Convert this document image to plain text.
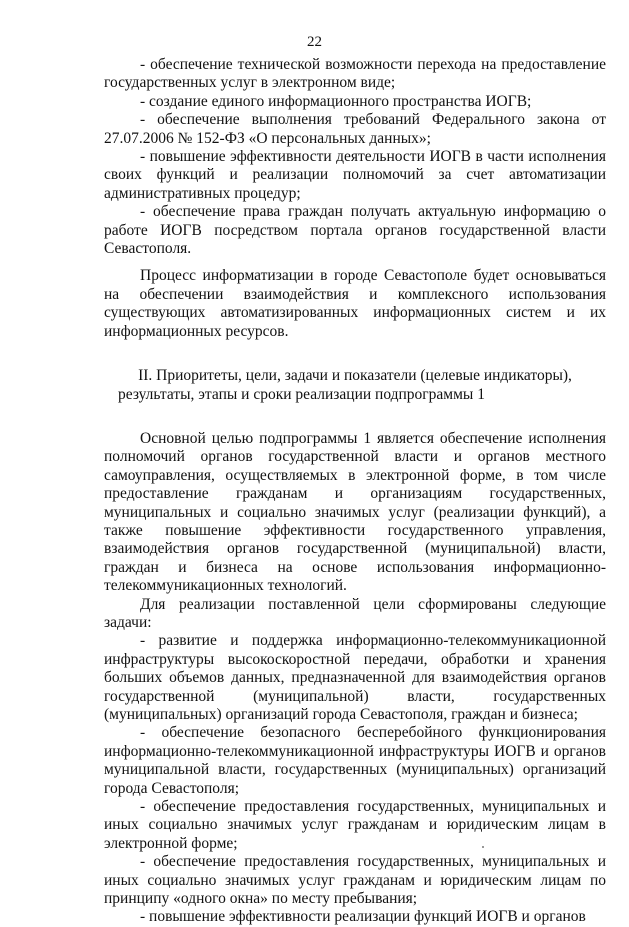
22

- обеспечение технической возможности перехода на предоставление государственных услуг в электронном виде;

- создание единого информационного пространства ИОГВ;

- обеспечение выполнения требований Федерального закона от 27.07.2006 № 152-ФЗ «О персональных данных»;

- повышение эффективности деятельности ИОГВ в части исполнения своих функций и реализации полномочий за счет автоматизации административных процедур;

- обеспечение права граждан получать актуальную информацию о работе ИОГВ посредством портала органов государственной власти Севастополя.

Процесс информатизации в городе Севастополе будет основываться на обеспечении взаимодействия и комплексного использования существующих автоматизированных информационных систем и их информационных ресурсов.

II. Приоритеты, цели, задачи и показатели (целевые индикаторы), результаты, этапы и сроки реализации подпрограммы 1

Основной целью подпрограммы 1 является обеспечение исполнения полномочий органов государственной власти и органов местного самоуправления, осуществляемых в электронной форме, в том числе предоставление гражданам и организациям государственных, муниципальных и социально значимых услуг (реализации функций), а также повышение эффективности государственного управления, взаимодействия органов государственной (муниципальной) власти, граждан и бизнеса на основе использования информационно-телекоммуникационных технологий.

Для реализации поставленной цели сформированы следующие задачи:

- развитие и поддержка информационно-телекоммуникационной инфраструктуры высокоскоростной передачи, обработки и хранения больших объемов данных, предназначенной для взаимодействия органов государственной (муниципальной) власти, государственных (муниципальных) организаций города Севастополя, граждан и бизнеса;

- обеспечение безопасного бесперебойного функционирования информационно-телекоммуникационной инфраструктуры ИОГВ и органов муниципальной власти, государственных (муниципальных) организаций города Севастополя;

- обеспечение предоставления государственных, муниципальных и иных социально значимых услуг гражданам и юридическим лицам в электронной форме;

- обеспечение предоставления государственных, муниципальных и иных социально значимых услуг гражданам и юридическим лицам по принципу «одного окна» по месту пребывания;

- повышение эффективности реализации функций ИОГВ и органов
